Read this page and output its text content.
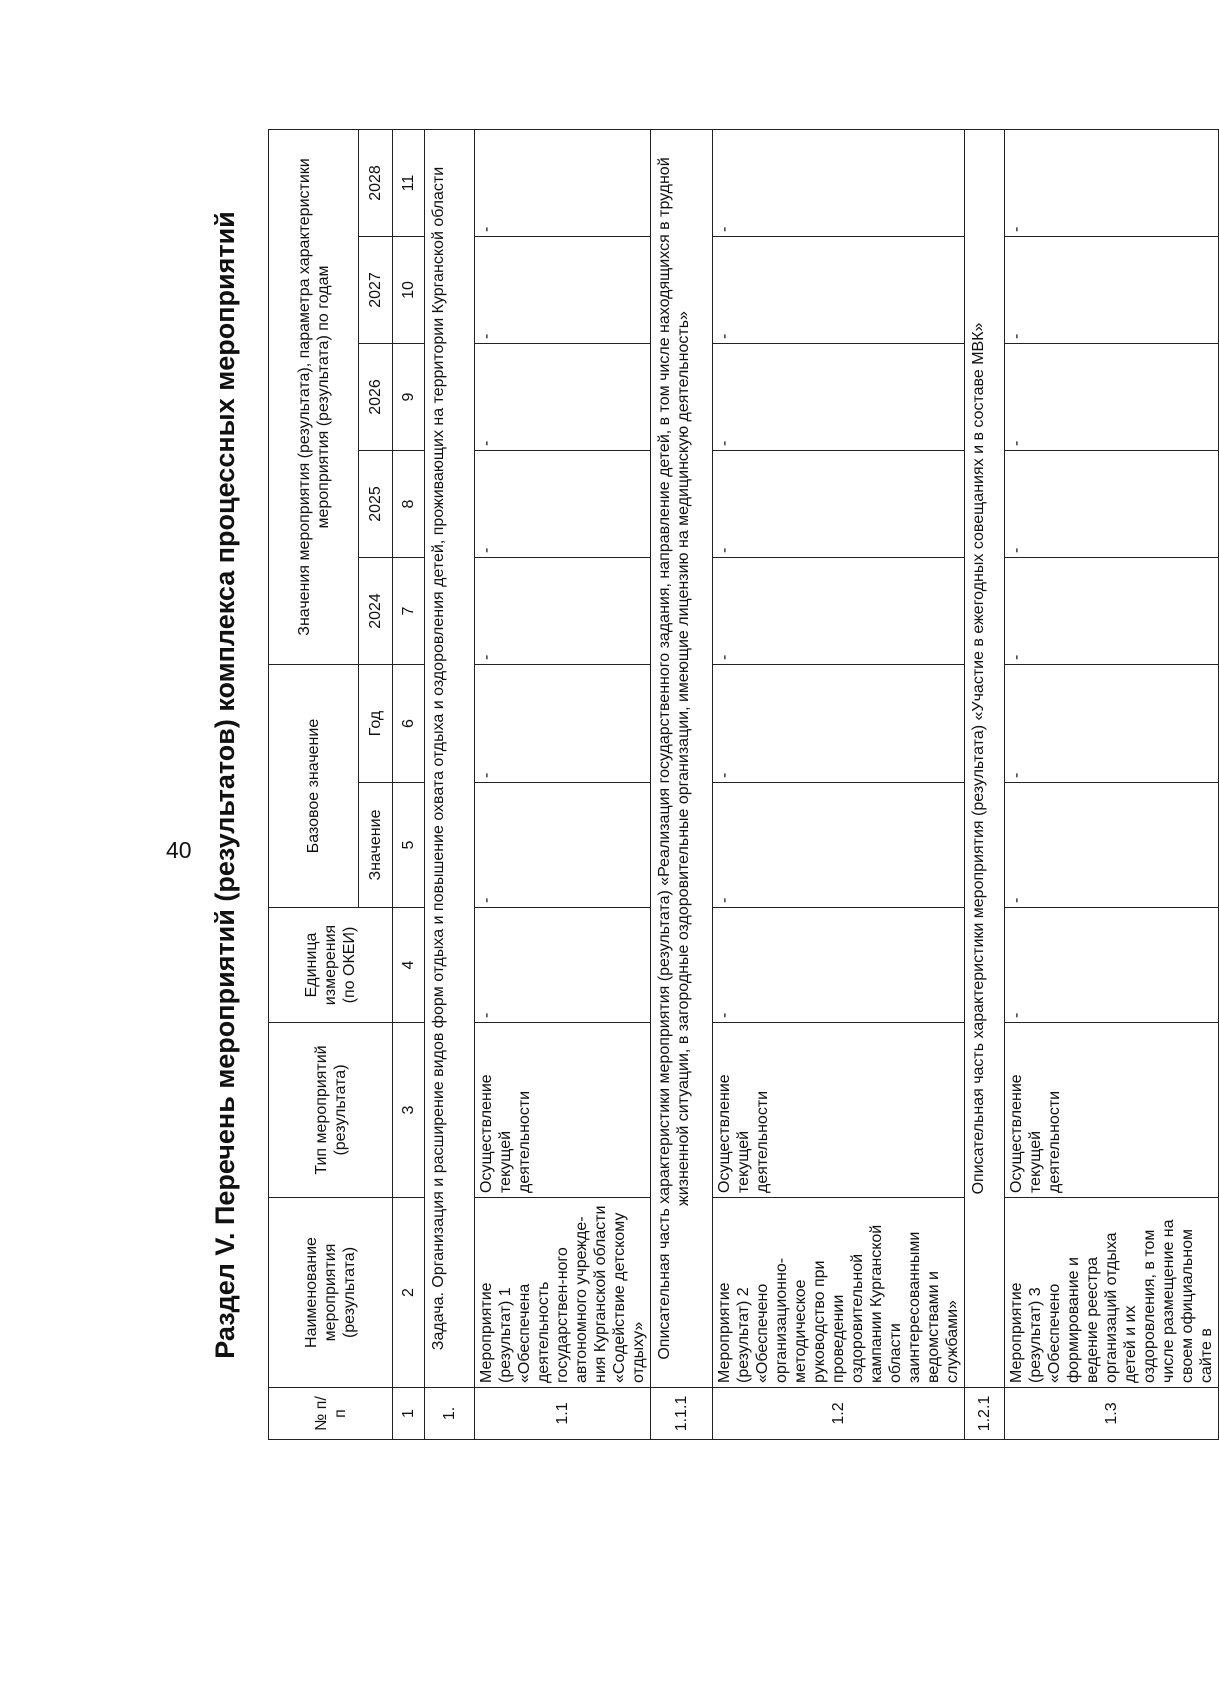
40 Раздел V. Перечень мероприятий (результатов) комплекса процессных мероприятий
№ п/п	Наименование мероприятия (результата)	Тип мероприятий (результата)	Единица измерения (по ОКЕИ)	Базовое значение		Значения мероприятия (результата), параметра характеристики мероприятия (результата) по годам				
				Значение	Год	2024	2025	2026	2027	2028
1	2	3	4	5	6	7	8	9	10	11
1.	Задача. Организация и расширение видов форм отдыха и повышение охвата отдыха и оздоровления детей, проживающих на территории Курганской области									
1.1	Мероприятие (результат) 1 «Обеспечена деятельность государствен-ного автономного учрежде-ния Курганской области «Содействие детскому отдыху»	Осуществление текущей деятельности	-	-	-	-	-	-	-	-
1.1.1	Описательная часть характеристики мероприятия (результата) «Реализация государственного задания, направление детей, в том числе находящихся в трудной жизненной ситуации, в загородные оздоровительные организации, имеющие лицензию на медицинскую деятельность»									
1.2	Мероприятие (результат) 2 «Обеспечено организационно-методическое руководство при проведении оздоровительной кампании Курганской области заинтересованными ведомствами и службами»	Осуществление текущей деятельности	-	-	-	-	-	-	-	-
1.2.1	Описательная часть характеристики мероприятия (результата) «Участие в ежегодных совещаниях и в составе МВК»									
1.3	Мероприятие (результат) 3 «Обеспечено формирование и ведение реестра организаций отдыха детей и их оздоровления, в том числе размещение на своем официальном сайте в	Осуществление текущей деятельности	-	-	-	-	-	-	-	-
